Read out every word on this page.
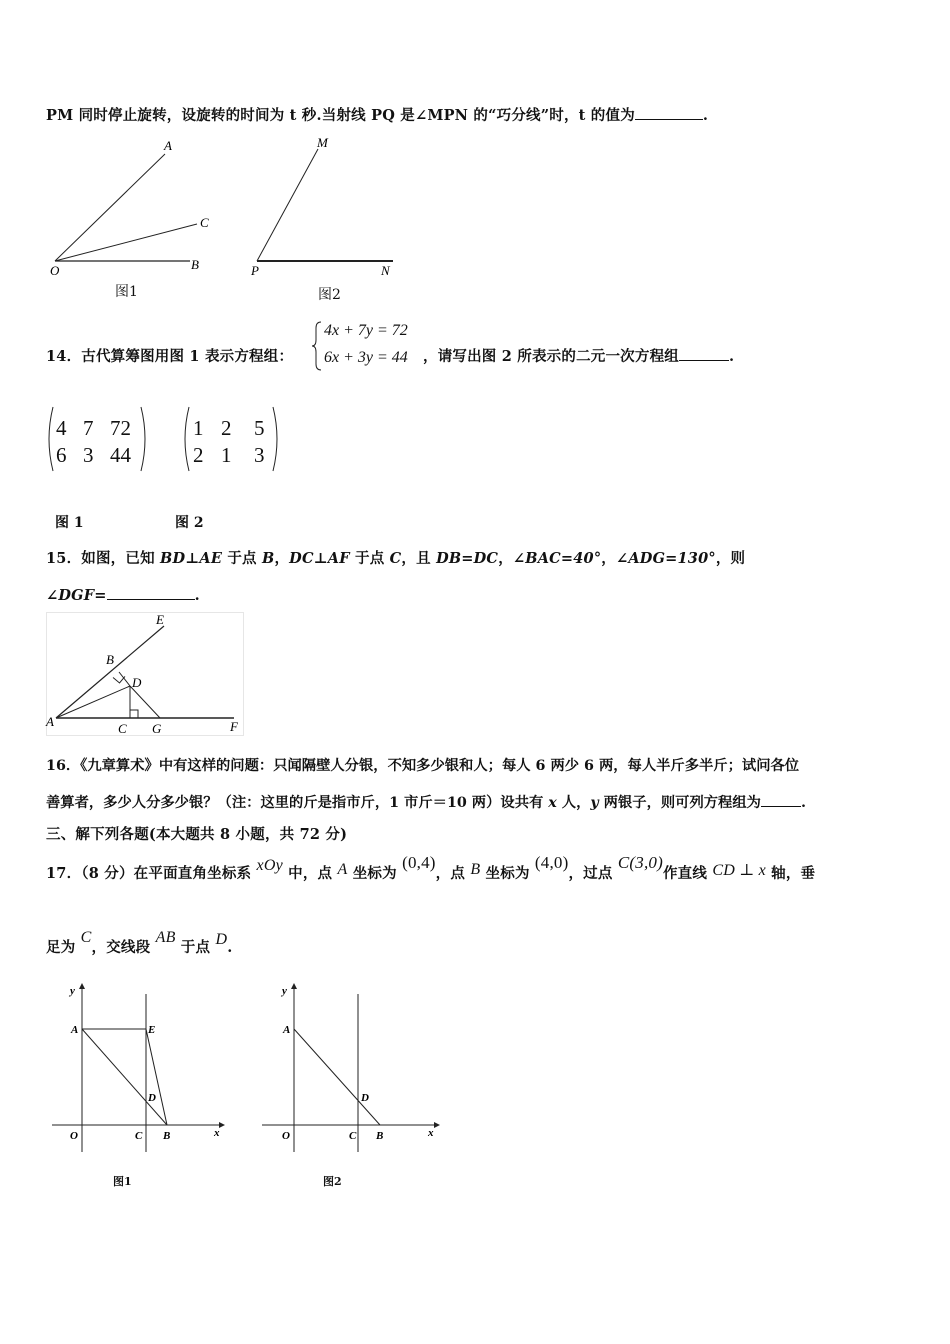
PM 同时停止旋转，设旋转的时间为 t 秒.当射线 PQ 是∠MPN 的“巧分线”时，t 的值为	.
A
C
O	B
图1
M
P	N
图2
14．古代算筹图用图 1 表示方程组：
4x + 7y = 72
6x + 3y = 44 ，请写出图 2 所表示的二元一次方程组	.
4 7 72
6 3 44
1 2	5
2 1	3
图 1	图 2
15．如图，已知 BD⊥AE 于点 B，DC⊥AF 于点 C，且 DB=DC，∠BAC=40°，∠ADG=130°，则
∠DGF=	.
E
B
D
A	C G	F
16．《九章算术》中有这样的问题：只闻隔壁人分银，不知多少银和人；每人 6 两少 6 两，每人半斤多半斤；试问各位
善算者，多少人分多少银？（注：这里的斤是指市斤，1 市斤＝10 两）设共有 x 人，y 两银子，则可列方程组为	.
三、解下列各题(本大题共 8 小题，共 72 分)
17．（8 分）在平面直角坐标系 xOy 中，点 A 坐标为 (0,4)，点 B 坐标为 (4,0)，过点 C(3,0)作直线 CD ⊥ x 轴，垂
足为 C，交线段 AB 于点 D.
y
A	E
D
O	C B	x
图1
y
A
D
O	C B	x
图2
